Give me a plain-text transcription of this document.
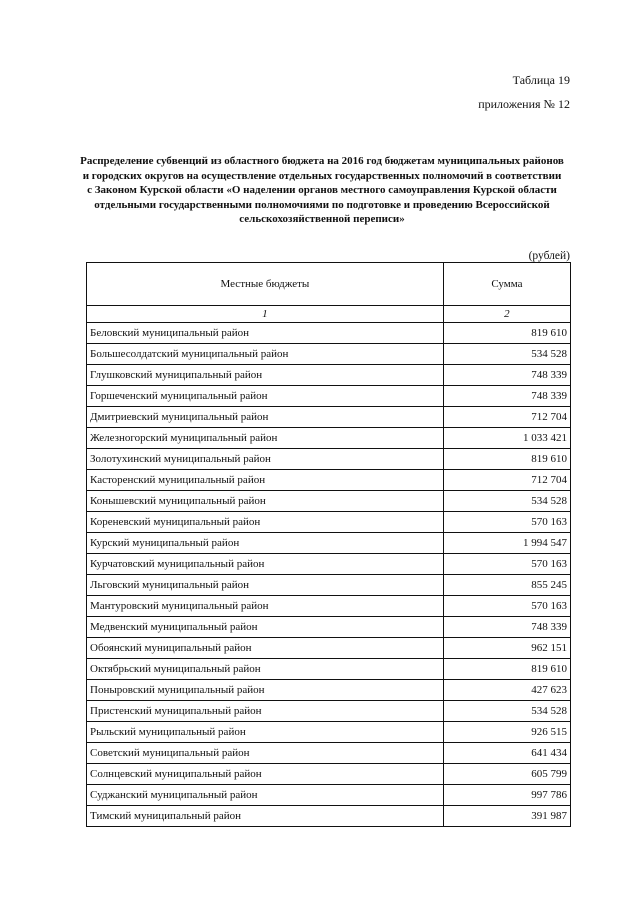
Таблица 19
приложения № 12
Распределение субвенций из областного бюджета на 2016 год бюджетам муниципальных районов и городских округов на осуществление отдельных государственных полномочий в соответствии с Законом Курской области «О наделении органов местного самоуправления Курской области отдельными государственными полномочиями по подготовке и проведению Всероссийской сельскохозяйственной переписи»
(рублей)
Местные бюджеты	Сумма
1	2
Беловский муниципальный район	819 610
Большесолдатский муниципальный район	534 528
Глушковский муниципальный район	748 339
Горшеченский муниципальный район	748 339
Дмитриевский муниципальный район	712 704
Железногорский муниципальный район	1 033 421
Золотухинский муниципальный район	819 610
Касторенский муниципальный район	712 704
Конышевский муниципальный район	534 528
Кореневский муниципальный район	570 163
Курский муниципальный район	1 994 547
Курчатовский муниципальный район	570 163
Льговский муниципальный район	855 245
Мантуровский муниципальный район	570 163
Медвенский муниципальный район	748 339
Обоянский муниципальный район	962 151
Октябрьский муниципальный район	819 610
Поныровский муниципальный район	427 623
Пристенский муниципальный район	534 528
Рыльский муниципальный район	926 515
Советский муниципальный район	641 434
Солнцевский муниципальный район	605 799
Суджанский муниципальный район	997 786
Тимский муниципальный район	391 987
